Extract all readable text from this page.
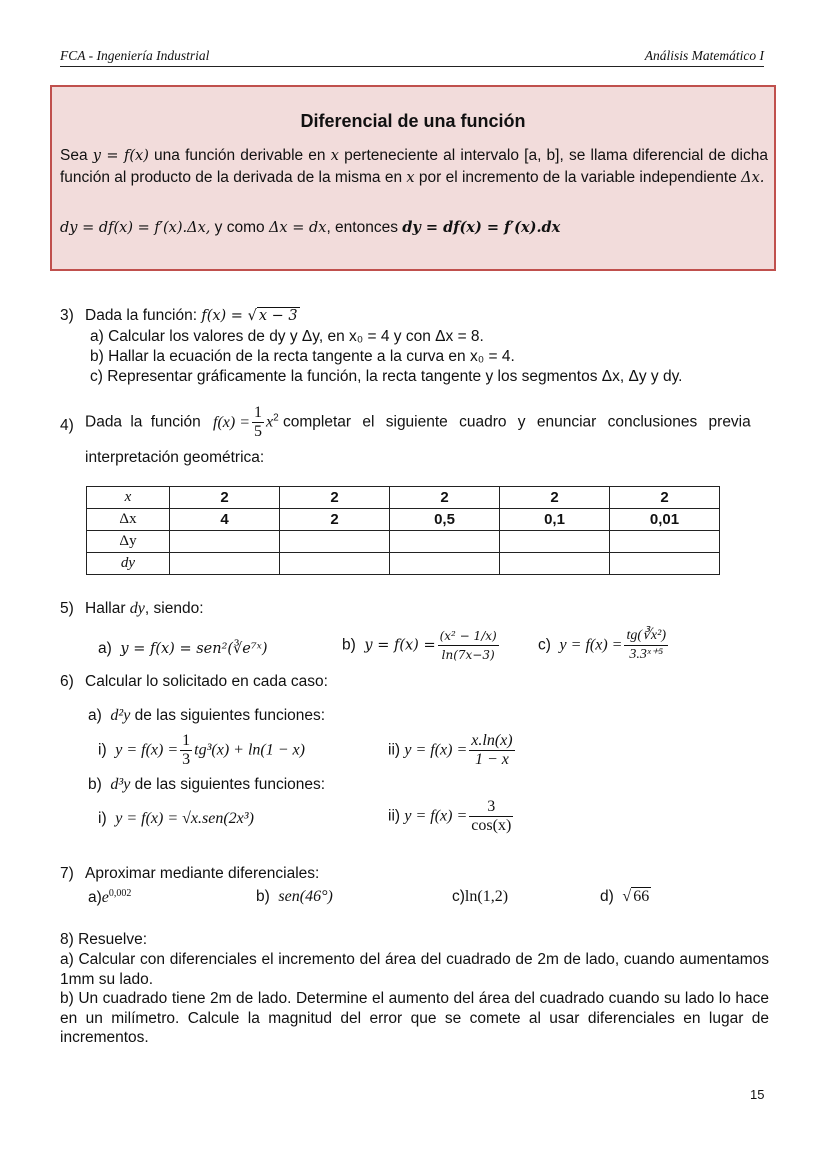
FCA - Ingeniería Industrial	Análisis Matemático I
Diferencial de una función
Sea y = f(x) una función derivable en x perteneciente al intervalo [a, b], se llama diferencial de dicha función al producto de la derivada de la misma en x por el incremento de la variable independiente Δx.
dy = df(x) = f′(x).Δx, y como Δx = dx, entonces dy = df(x) = f′(x).dx
3) Dada la función: f(x) = √ x − 3
a) Calcular los valores de dy y Δy, en x₀ = 4 y con Δx = 8.
b) Hallar la ecuación de la recta tangente a la curva en x₀ = 4.
c) Representar gráficamente la función, la recta tangente y los segmentos Δx, Δy y dy.
4) Dada la función $f(x) = \frac{1}{5} x^2$ completar el siguiente cuadro y enunciar conclusiones previa
interpretación geométrica:
x	2	2	2	2	2
Δx	4	2	0,5	0,1	0,01
Δy					
dy					
5) Hallar dy, siendo:
a) y = f(x) = sen²(∛e⁷ˣ)	b) $y = f(x) = \frac{\text{(x² − 1/x)}}{\ln(7x-3)}$	c) $y = f(x) = \frac{\text{tg(∛x²)}}{\text{3.3ˣ⁺⁵}}$
6) Calcular lo solicitado en cada caso:
a) d²y de las siguientes funciones:
i) $y = f(x) = \frac{1}{3} tg^3(x) + \ln(1 - x)$	ii) $y = f(x) = \frac{x.\ln(x)}{1 - x}$
b) d³y de las siguientes funciones:
i) y = f(x) = √x.sen(2x³)	ii) $y = f(x) = \frac{3}{\cos(x)}$
7) Aproximar mediante diferenciales:
$a)e^{0,002}$	b) sen(46°)	c)ln(1,2)	d) √ 66
8) Resuelve:
a) Calcular con diferenciales el incremento del área del cuadrado de 2m de lado, cuando aumentamos 1mm su lado.
b) Un cuadrado tiene 2m de lado. Determine el aumento del área del cuadrado cuando su lado lo hace en un milímetro. Calcule la magnitud del error que se comete al usar diferenciales en lugar de incrementos.
15
